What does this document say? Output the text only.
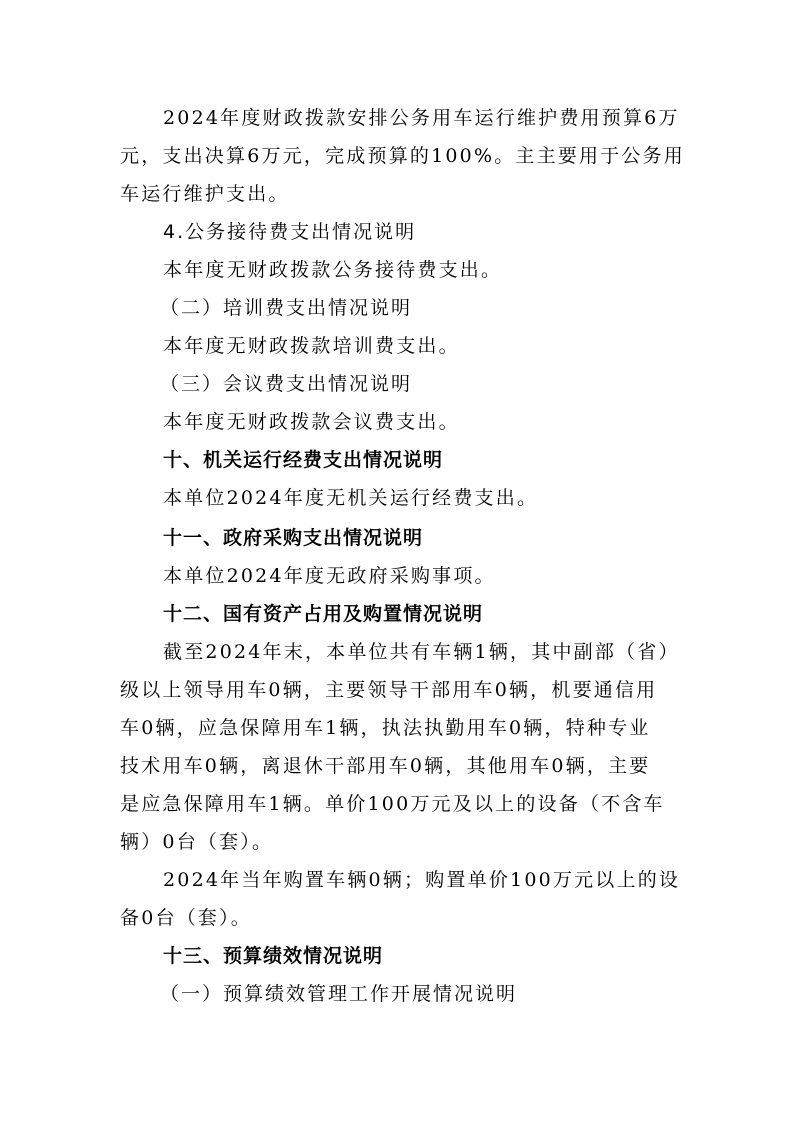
2024年度财政拨款安排公务用车运行维护费用预算6万
元，支出决算6万元，完成预算的100%。主主要用于公务用
车运行维护支出。
4.公务接待费支出情况说明
本年度无财政拨款公务接待费支出。
（二）培训费支出情况说明
本年度无财政拨款培训费支出。
（三）会议费支出情况说明
本年度无财政拨款会议费支出。
十、机关运行经费支出情况说明
本单位2024年度无机关运行经费支出。
十一、政府采购支出情况说明
本单位2024年度无政府采购事项。
十二、国有资产占用及购置情况说明
截至2024年末，本单位共有车辆1辆，其中副部（省）
级以上领导用车0辆，主要领导干部用车0辆，机要通信用
车0辆，应急保障用车1辆，执法执勤用车0辆，特种专业
技术用车0辆，离退休干部用车0辆，其他用车0辆，主要
是应急保障用车1辆。单价100万元及以上的设备（不含车
辆）0台（套）。
2024年当年购置车辆0辆；购置单价100万元以上的设
备0台（套）。
十三、预算绩效情况说明
（一）预算绩效管理工作开展情况说明
